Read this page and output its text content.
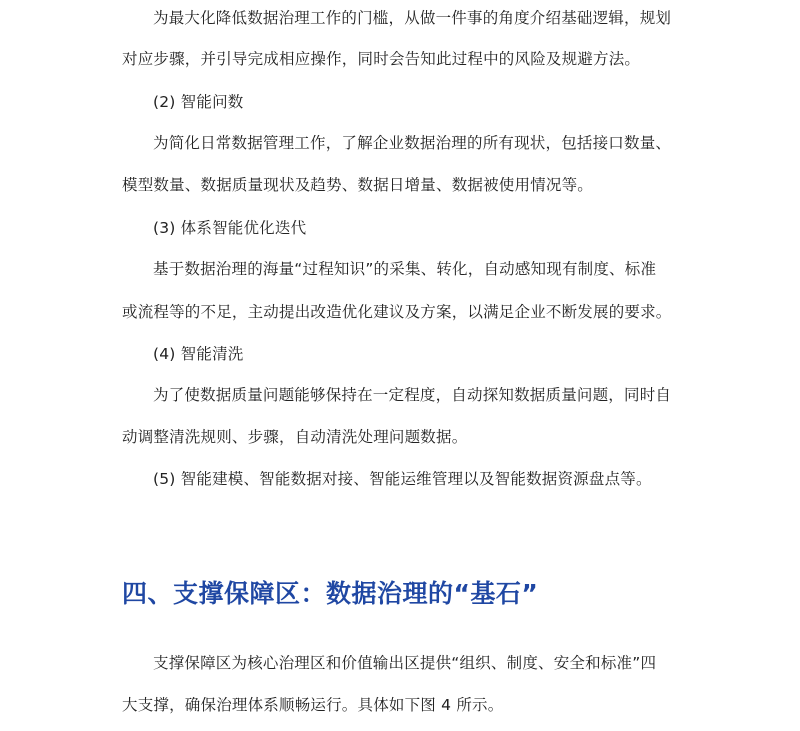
为最大化降低数据治理工作的门槛，从做一件事的角度介绍基础逻辑，规划
对应步骤，并引导完成相应操作，同时会告知此过程中的风险及规避方法。
(2) 智能问数
为简化日常数据管理工作，了解企业数据治理的所有现状，包括接口数量、
模型数量、数据质量现状及趋势、数据日增量、数据被使用情况等。
(3) 体系智能优化迭代
基于数据治理的海量“过程知识”的采集、转化，自动感知现有制度、标准
或流程等的不足，主动提出改造优化建议及方案，以满足企业不断发展的要求。
(4) 智能清洗
为了使数据质量问题能够保持在一定程度，自动探知数据质量问题，同时自
动调整清洗规则、步骤，自动清洗处理问题数据。
(5) 智能建模、智能数据对接、智能运维管理以及智能数据资源盘点等。
四、支撑保障区：数据治理的“基石”
支撑保障区为核心治理区和价值输出区提供“组织、制度、安全和标准”四
大支撑，确保治理体系顺畅运行。具体如下图 4 所示。
